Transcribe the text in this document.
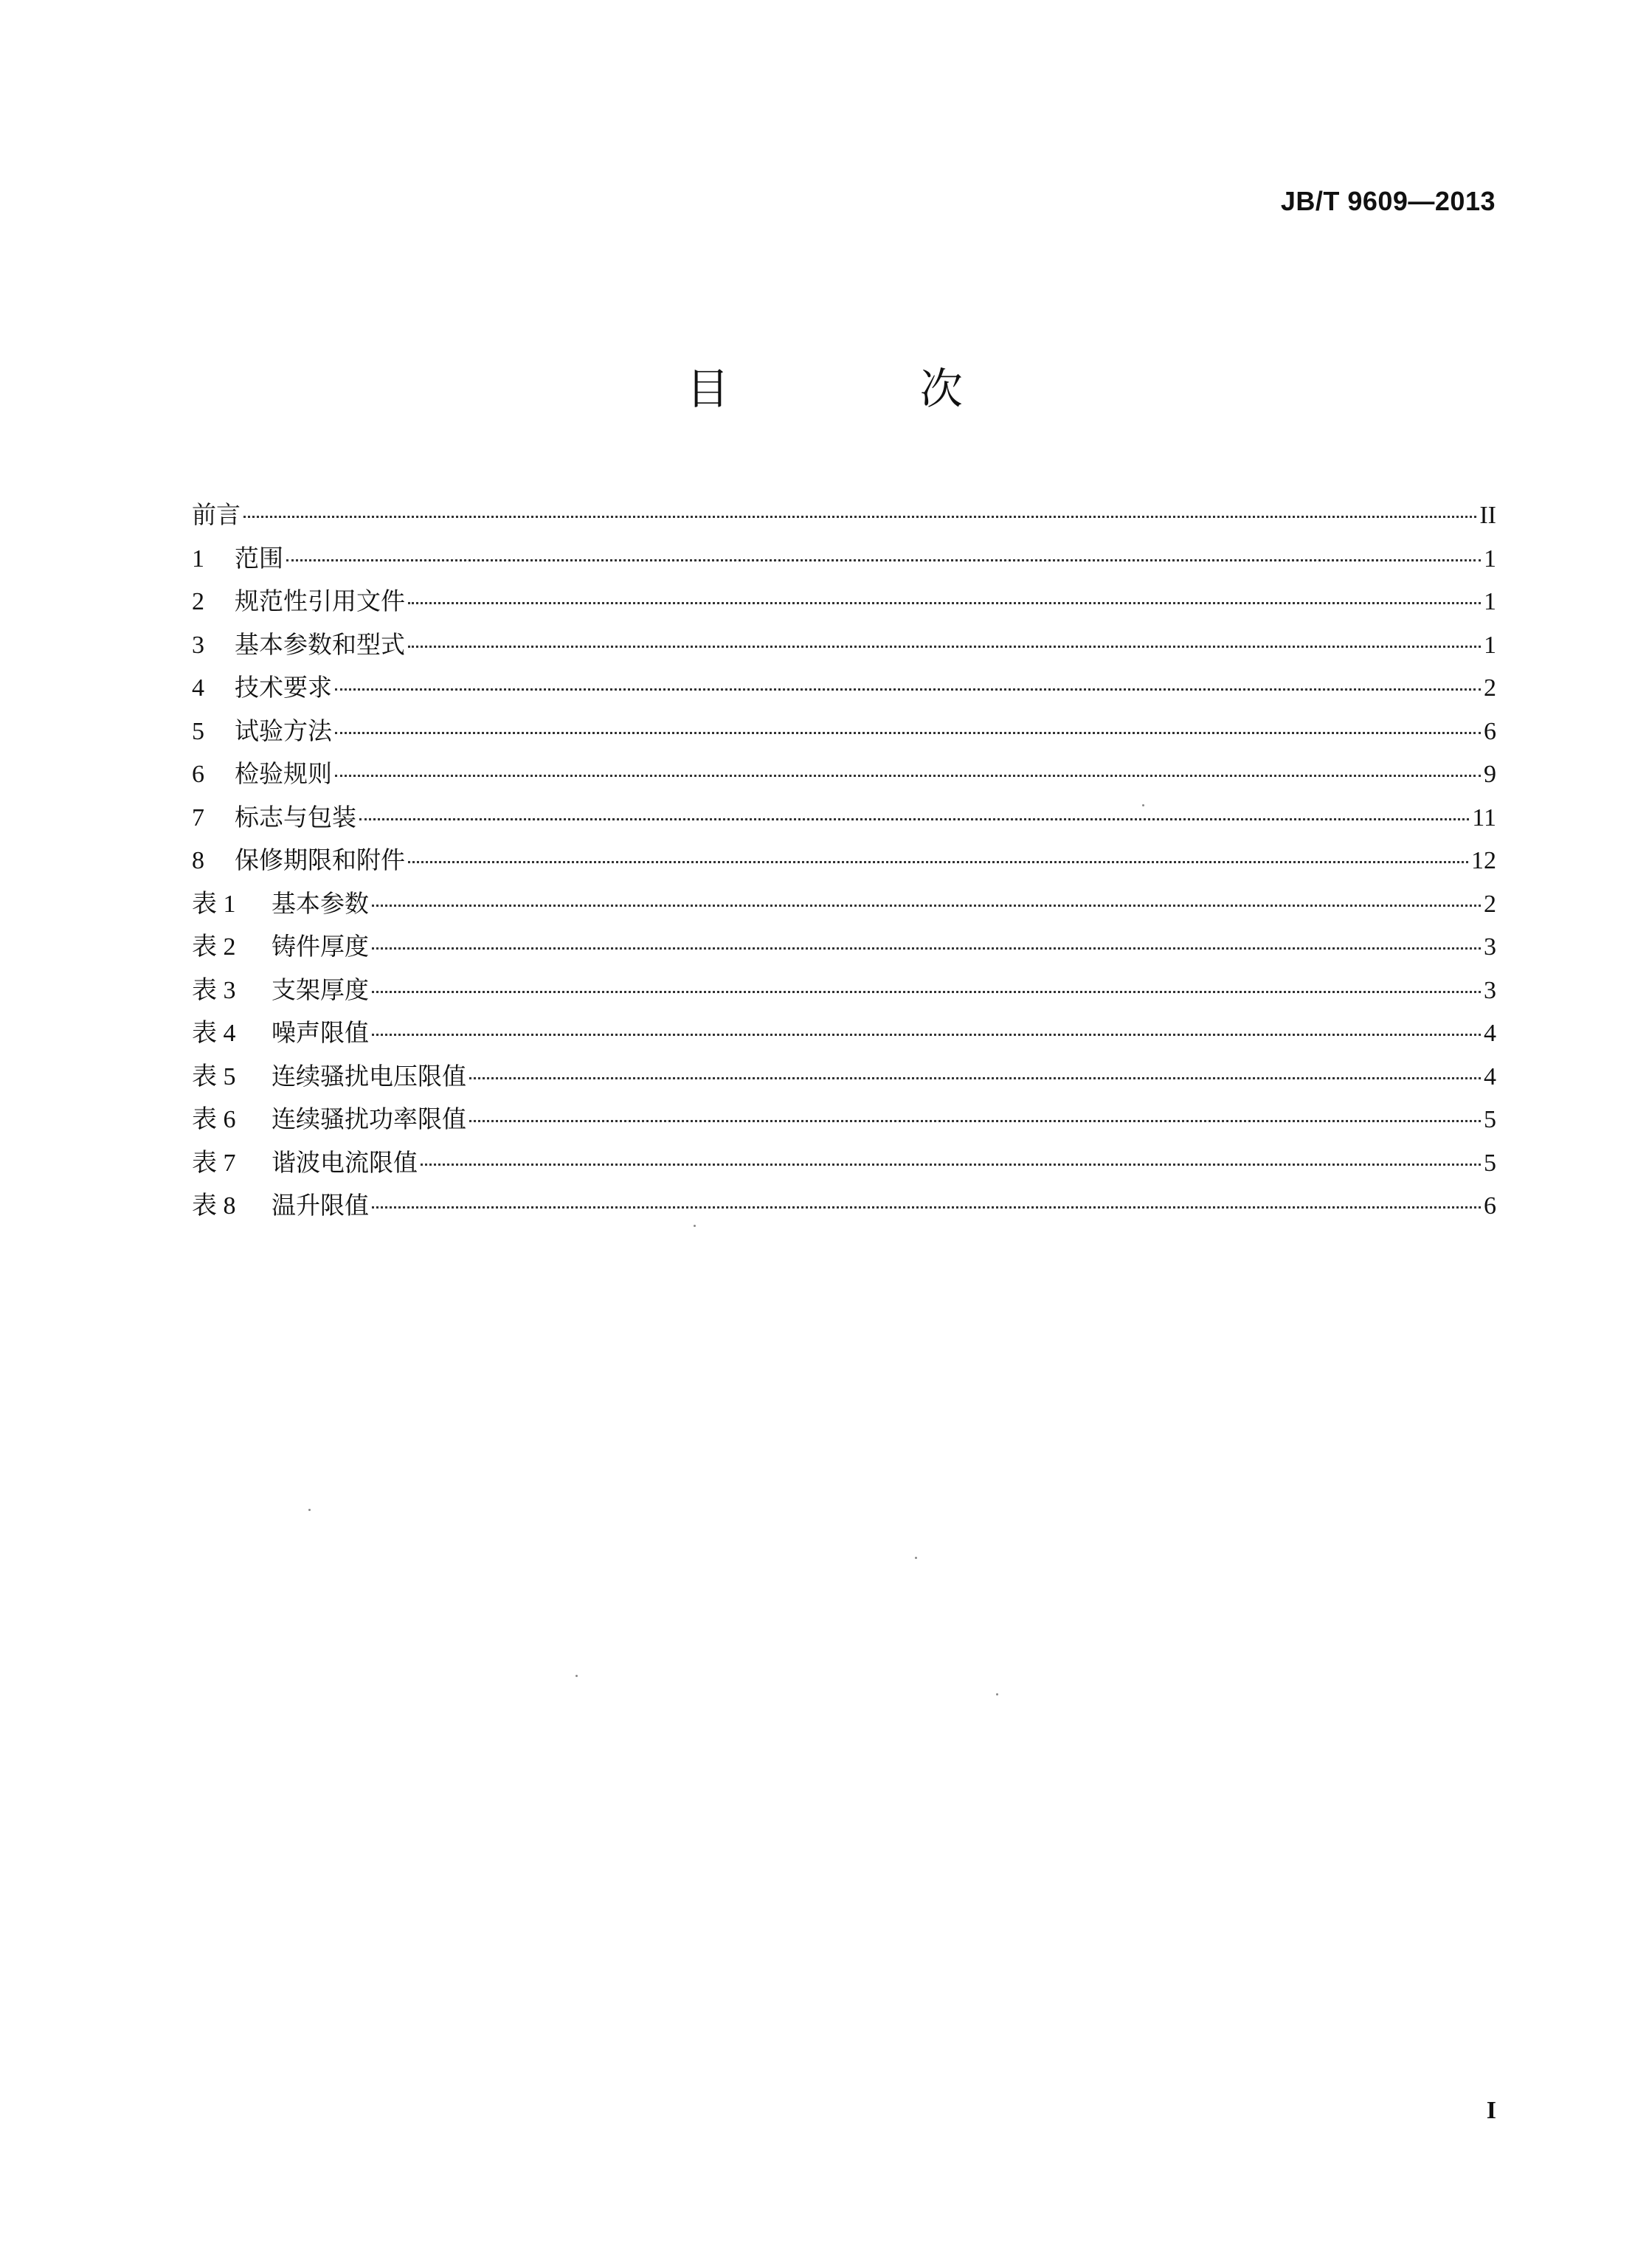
JB/T 9609—2013
目 次
前言	II
1	范围	1
2	规范性引用文件	1
3	基本参数和型式	1
4	技术要求	2
5	试验方法	6
6	检验规则	9
7	标志与包装	11
8	保修期限和附件	12
表 1	基本参数	2
表 2	铸件厚度	3
表 3	支架厚度	3
表 4	噪声限值	4
表 5	连续骚扰电压限值	4
表 6	连续骚扰功率限值	5
表 7	谐波电流限值	5
表 8	温升限值	6
I
